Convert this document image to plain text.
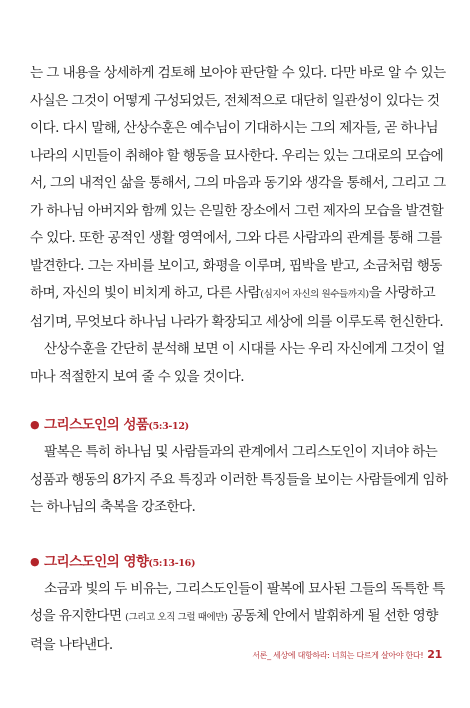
는 그 내용을 상세하게 검토해 보아야 판단할 수 있다. 다만 바로 알 수 있는
사실은 그것이 어떻게 구성되었든, 전체적으로 대단히 일관성이 있다는 것
이다. 다시 말해, 산상수훈은 예수님이 기대하시는 그의 제자들, 곧 하나님
나라의 시민들이 취해야 할 행동을 묘사한다. 우리는 있는 그대로의 모습에
서, 그의 내적인 삶을 통해서, 그의 마음과 동기와 생각을 통해서, 그리고 그
가 하나님 아버지와 함께 있는 은밀한 장소에서 그런 제자의 모습을 발견할
수 있다. 또한 공적인 생활 영역에서, 그와 다른 사람과의 관계를 통해 그를
발견한다. 그는 자비를 보이고, 화평을 이루며, 핍박을 받고, 소금처럼 행동
하며, 자신의 빛이 비치게 하고, 다른 사람(심지어 자신의 원수들까지)을 사랑하고
섬기며, 무엇보다 하나님 나라가 확장되고 세상에 의를 이루도록 헌신한다.

산상수훈을 간단히 분석해 보면 이 시대를 사는 우리 자신에게 그것이 얼
마나 적절한지 보여 줄 수 있을 것이다.

● 그리스도인의 성품(5:3-12)

팔복은 특히 하나님 및 사람들과의 관계에서 그리스도인이 지녀야 하는
성품과 행동의 8가지 주요 특징과 이러한 특징들을 보이는 사람들에게 임하
는 하나님의 축복을 강조한다.

● 그리스도인의 영향(5:13-16)

소금과 빛의 두 비유는, 그리스도인들이 팔복에 묘사된 그들의 독특한 특
성을 유지한다면 (그리고 오직 그럴 때에만) 공동체 안에서 발휘하게 될 선한 영향
력을 나타낸다.

서론_ 세상에 대항하라: 너희는 다르게 살아야 한다! 21
